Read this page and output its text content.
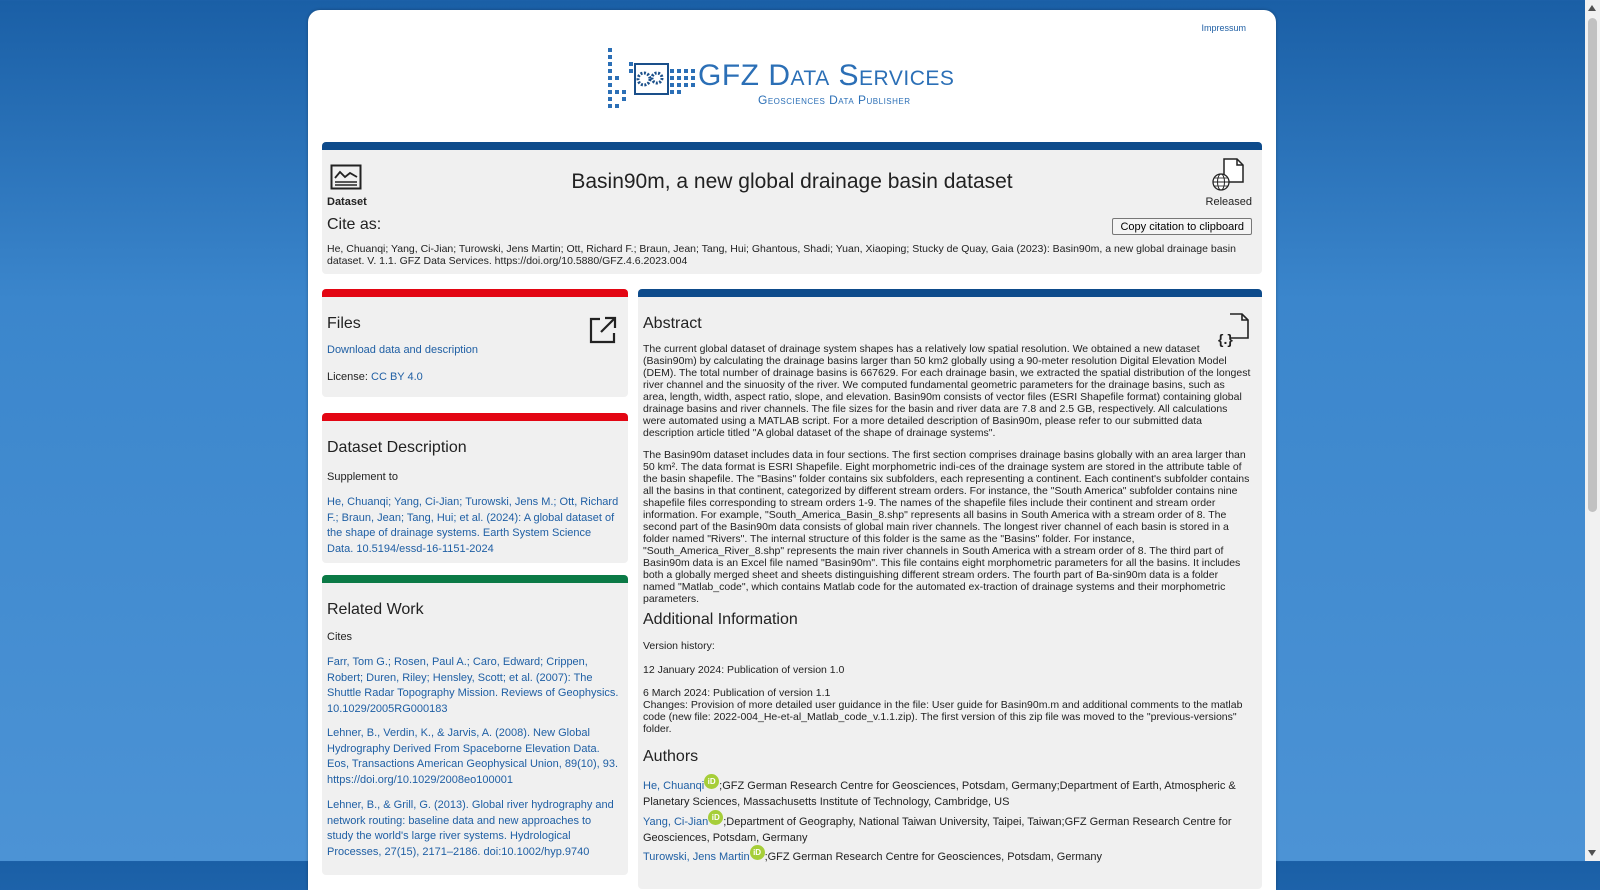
Impressum
GFZ Data Services
Geosciences Data Publisher
Dataset
Basin90m, a new global drainage basin dataset
Released
Cite as:	Copy citation to clipboard
He, Chuanqi; Yang, Ci-Jian; Turowski, Jens Martin; Ott, Richard F.; Braun, Jean; Tang, Hui; Ghantous, Shadi; Yuan, Xiaoping; Stucky de Quay, Gaia (2023): Basin90m, a new global drainage basin dataset. V. 1.1. GFZ Data Services. https://doi.org/10.5880/GFZ.4.6.2023.004
Files
Download data and description
License: CC BY 4.0
Dataset Description
Supplement to
He, Chuanqi; Yang, Ci-Jian; Turowski, Jens M.; Ott, Richard F.; Braun, Jean; Tang, Hui; et al. (2024): A global dataset of the shape of drainage systems. Earth System Science Data. 10.5194/essd-16-1151-2024
Related Work
Cites
Farr, Tom G.; Rosen, Paul A.; Caro, Edward; Crippen, Robert; Duren, Riley; Hensley, Scott; et al. (2007): The Shuttle Radar Topography Mission. Reviews of Geophysics. 10.1029/2005RG000183
Lehner, B., Verdin, K., & Jarvis, A. (2008). New Global Hydrography Derived From Spaceborne Elevation Data. Eos, Transactions American Geophysical Union, 89(10), 93. https://doi.org/10.1029/2008eo100001
Lehner, B., & Grill, G. (2013). Global river hydrography and network routing: baseline data and new approaches to study the world's large river systems. Hydrological Processes, 27(15), 2171–2186. doi:10.1002/hyp.9740
Abstract
{.}
The current global dataset of drainage system shapes has a relatively low spatial resolution. We obtained a new dataset (Basin90m) by calculating the drainage basins larger than 50 km2 globally using a 90-meter resolution Digital Elevation Model (DEM). The total number of drainage basins is 667629. For each drainage basin, we extracted the spatial distribution of the longest river channel and the sinuosity of the river. We computed fundamental geometric parameters for the drainage basins, such as area, length, width, aspect ratio, slope, and elevation. Basin90m consists of vector files (ESRI Shapefile format) containing global drainage basins and river channels. The file sizes for the basin and river data are 7.8 and 2.5 GB, respectively. All calculations were automated using a MATLAB script. For a more detailed description of Basin90m, please refer to our submitted data description article titled "A global dataset of the shape of drainage systems".
The Basin90m dataset includes data in four sections. The first section comprises drainage basins globally with an area larger than 50 km². The data format is ESRI Shapefile. Eight morphometric indi-ces of the drainage system are stored in the attribute table of the basin shapefile. The "Basins" folder contains six subfolders, each representing a continent. Each continent's subfolder contains all the basins in that continent, categorized by different stream orders. For instance, the "South America" subfolder contains nine shapefile files corresponding to stream orders 1-9. The names of the shapefile files include their continent and stream order information. For example, "South_America_Basin_8.shp" represents all basins in South America with a stream order of 8. The second part of the Basin90m data consists of global main river channels. The longest river channel of each basin is stored in a folder named "Rivers". The internal structure of this folder is the same as the "Basins" folder. For instance, "South_America_River_8.shp" represents the main river channels in South America with a stream order of 8. The third part of Basin90m data is an Excel file named "Basin90m". This file contains eight morphometric parameters for all the basins. It includes both a globally merged sheet and sheets distinguishing different stream orders. The fourth part of Ba-sin90m data is a folder named "Matlab_code", which contains Matlab code for the automated ex-traction of drainage systems and their morphometric parameters.
Additional Information
Version history:
12 January 2024: Publication of version 1.0
6 March 2024: Publication of version 1.1
Changes: Provision of more detailed user guidance in the file: User guide for Basin90m.m and additional comments to the matlab code (new file: 2022-004_He-et-al_Matlab_code_v.1.1.zip). The first version of this zip file was moved to the "previous-versions" folder.
Authors
He, Chuanqi iD ;GFZ German Research Centre for Geosciences, Potsdam, Germany;Department of Earth, Atmospheric & Planetary Sciences, Massachusetts Institute of Technology, Cambridge, US
Yang, Ci-Jian iD ;Department of Geography, National Taiwan University, Taipei, Taiwan;GFZ German Research Centre for Geosciences, Potsdam, Germany
Turowski, Jens Martin iD ;GFZ German Research Centre for Geosciences, Potsdam, Germany
